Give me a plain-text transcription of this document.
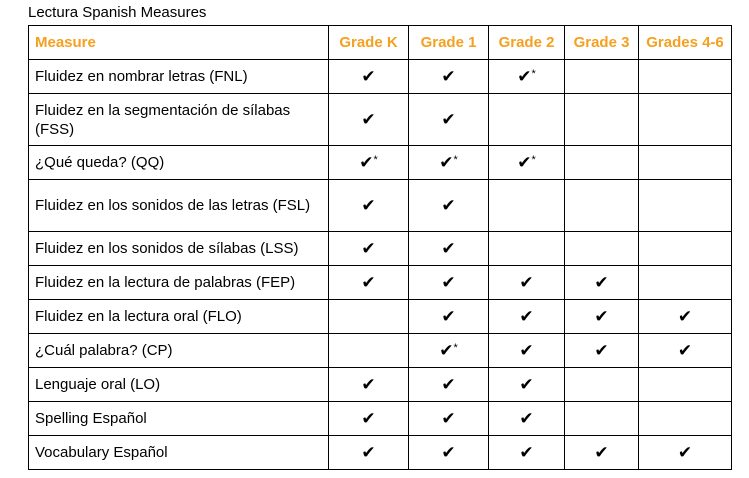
Lectura Spanish Measures
Measure	Grade K	Grade 1	Grade 2	Grade 3	Grades 4-6
Fluidez en nombrar letras (FNL)	✔	✔	✔*		
Fluidez en la segmentación de sílabas (FSS)	✔	✔			
¿Qué queda? (QQ)	✔*	✔*	✔*		
Fluidez en los sonidos de las letras (FSL)	✔	✔			
Fluidez en los sonidos de sílabas (LSS)	✔	✔			
Fluidez en la lectura de palabras (FEP)	✔	✔	✔	✔	
Fluidez en la lectura oral (FLO)		✔	✔	✔	✔
¿Cuál palabra? (CP)		✔*	✔	✔	✔
Lenguaje oral (LO)	✔	✔	✔		
Spelling Español	✔	✔	✔		
Vocabulary Español	✔	✔	✔	✔	✔
